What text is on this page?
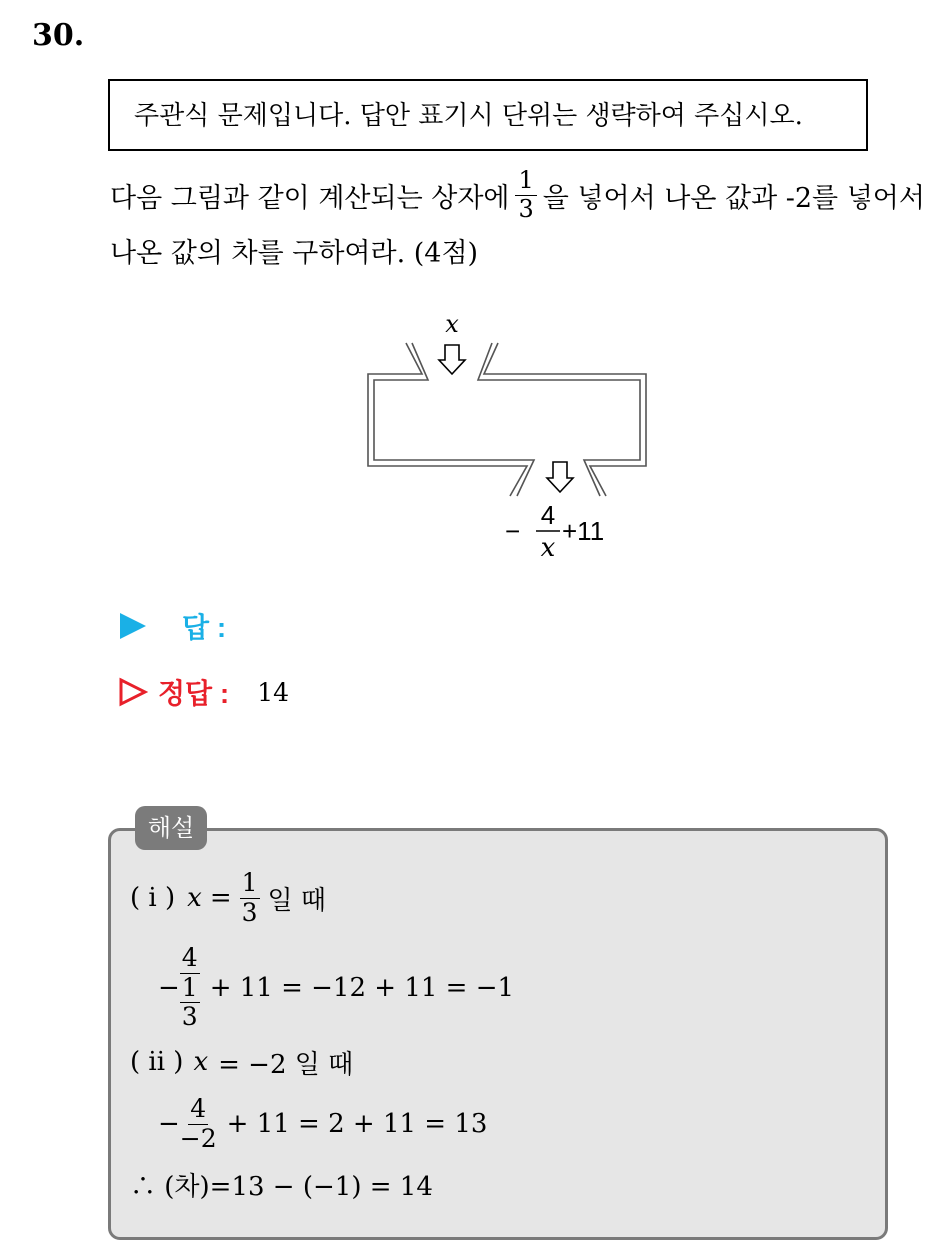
30.
주관식 문제입니다. 답안 표기시 단위는 생략하여 주십시오.
다음 그림과 같이 계산되는 상자에 $\frac{1}{3}$ 을 넣어서 나온 값과 -2를 넣어서
나온 값의 차를 구하여라. (4점)
x
−
4
x
+11
답 :
정답 : 14
해설
( i ) $x = \frac{1}{3}$ 일 때
− $\frac{4}{\frac{1}{3}} + 11 = -12 + 11 = -1$
( ii ) x = −2 일 때
− $\frac{4}{-2} + 11 = 2 + 11 = 13$
∴ (차)=13 − (−1) = 14
